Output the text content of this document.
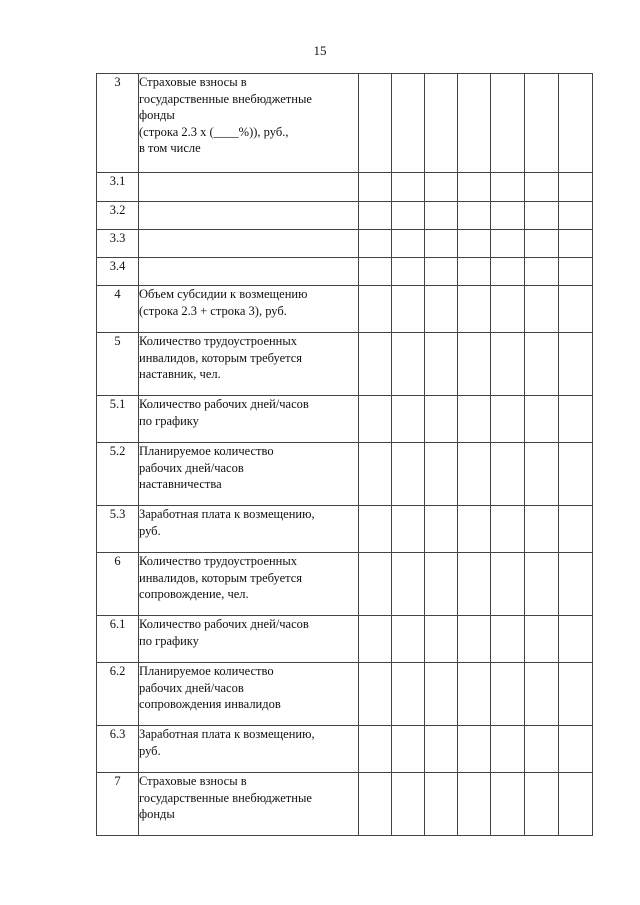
15
3	Страховые взносы в
государственные внебюджетные
фонды
(строка 2.3 х (____%)), руб.,
в том числе							
3.1								
3.2								
3.3								
3.4								
4	Объем субсидии к возмещению
(строка 2.3 + строка 3), руб.							
5	Количество трудоустроенных
инвалидов, которым требуется
наставник, чел.							
5.1	Количество рабочих дней/часов
по графику							
5.2	Планируемое количество
рабочих дней/часов
наставничества							
5.3	Заработная плата к возмещению,
руб.							
6	Количество трудоустроенных
инвалидов, которым требуется
сопровождение, чел.							
6.1	Количество рабочих дней/часов
по графику							
6.2	Планируемое количество
рабочих дней/часов
сопровождения инвалидов							
6.3	Заработная плата к возмещению,
руб.							
7	Страховые взносы в
государственные внебюджетные
фонды							
